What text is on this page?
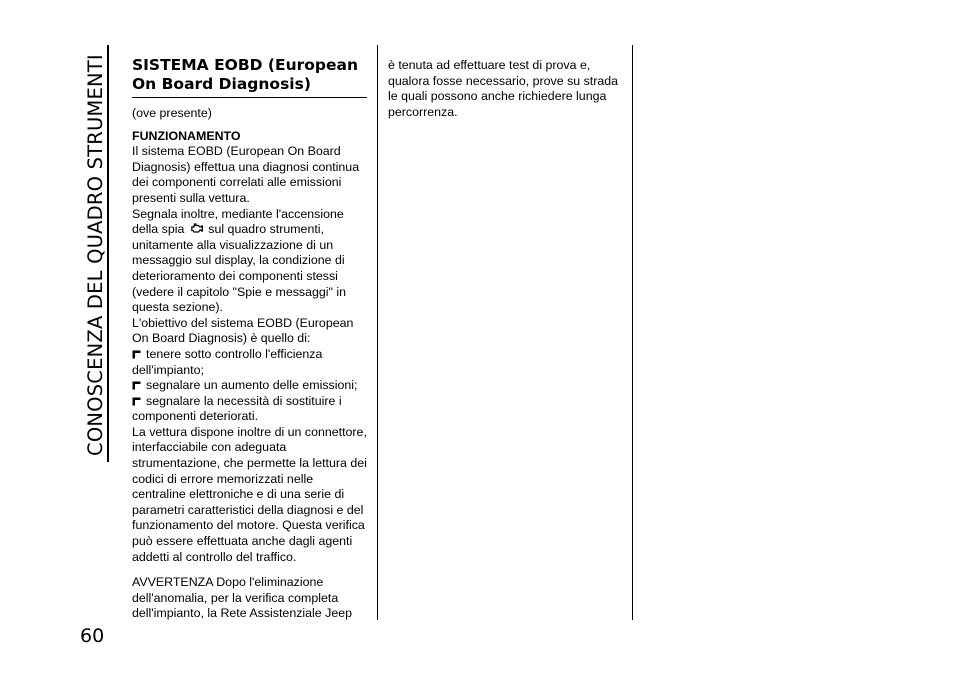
CONOSCENZA DEL QUADRO STRUMENTI
60
SISTEMA EOBD (European On Board Diagnosis)

(ove presente)

FUNZIONAMENTO

Il sistema EOBD (European On Board Diagnosis) effettua una diagnosi continua dei componenti correlati alle emissioni presenti sulla vettura.

Segnala inoltre, mediante l'accensione della spia sul quadro strumenti, unitamente alla visualizzazione di un messaggio sul display, la condizione di deterioramento dei componenti stessi (vedere il capitolo "Spie e messaggi" in questa sezione).

L'obiettivo del sistema EOBD (European On Board Diagnosis) è quello di:

tenere sotto controllo l'efficienza dell'impianto;

segnalare un aumento delle emissioni;

segnalare la necessità di sostituire i componenti deteriorati.

La vettura dispone inoltre di un connettore, interfacciabile con adeguata strumentazione, che permette la lettura dei codici di errore memorizzati nelle centraline elettroniche e di una serie di parametri caratteristici della diagnosi e del funzionamento del motore. Questa verifica può essere effettuata anche dagli agenti addetti al controllo del traffico.

AVVERTENZA Dopo l'eliminazione dell'anomalia, per la verifica completa dell'impianto, la Rete Assistenziale Jeep

è tenuta ad effettuare test di prova e, qualora fosse necessario, prove su strada le quali possono anche richiedere lunga percorrenza.
